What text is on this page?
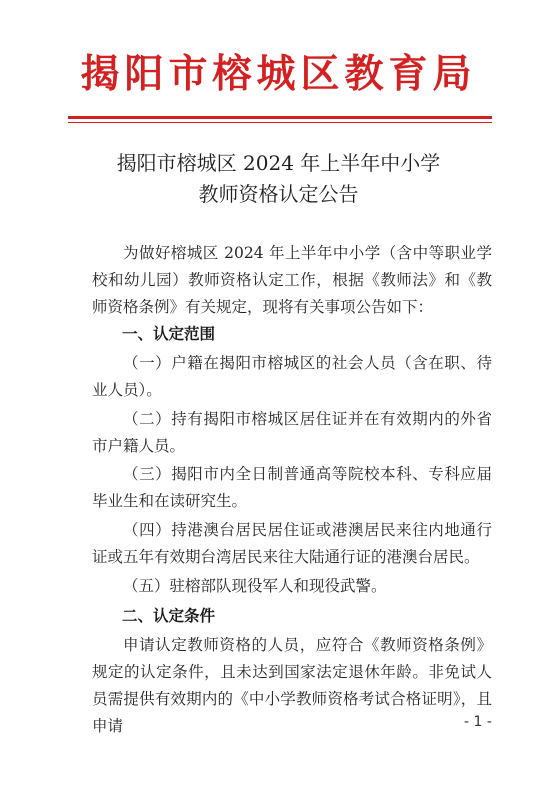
揭阳市榕城区教育局
揭阳市榕城区 2024 年上半年中小学
教师资格认定公告

为做好榕城区 2024 年上半年中小学（含中等职业学校和幼儿园）教师资格认定工作，根据《教师法》和《教师资格条例》有关规定，现将有关事项公告如下：

一、认定范围

（一）户籍在揭阳市榕城区的社会人员（含在职、待业人员）。

（二）持有揭阳市榕城区居住证并在有效期内的外省市户籍人员。

（三）揭阳市内全日制普通高等院校本科、专科应届毕业生和在读研究生。

（四）持港澳台居民居住证或港澳居民来往内地通行证或五年有效期台湾居民来往大陆通行证的港澳台居民。

（五）驻榕部队现役军人和现役武警。

二、认定条件

申请认定教师资格的人员，应符合《教师资格条例》规定的认定条件，且未达到国家法定退休年龄。非免试人员需提供有效期内的《中小学教师资格考试合格证明》，且申请	- 1 -
